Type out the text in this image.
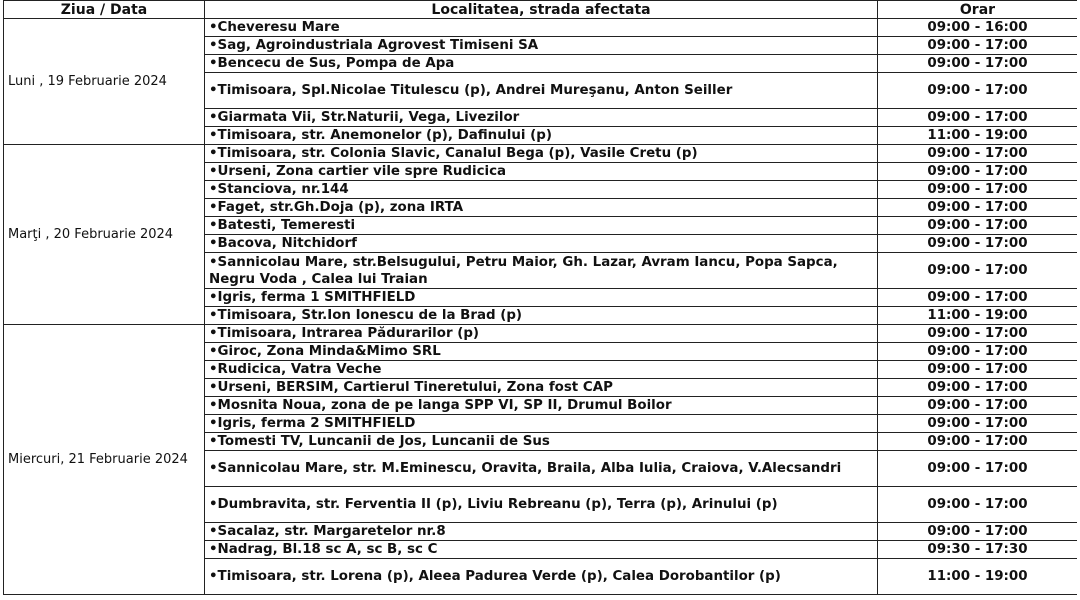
Ziua / Data	Localitatea, strada afectata	Orar
Luni , 19 Februarie 2024	•Cheveresu Mare	09:00 - 16:00
	•Sag, Agroindustriala Agrovest Timiseni SA	09:00 - 17:00
	•Bencecu de Sus, Pompa de Apa	09:00 - 17:00
	•Timisoara, Spl.Nicolae Titulescu (p), Andrei Mureşanu, Anton Seiller	09:00 - 17:00
	•Giarmata Vii, Str.Naturii, Vega, Livezilor	09:00 - 17:00
	•Timisoara, str. Anemonelor (p), Dafinului (p)	11:00 - 19:00
Marţi , 20 Februarie 2024	•Timisoara, str. Colonia Slavic, Canalul Bega (p), Vasile Cretu (p)	09:00 - 17:00
	•Urseni, Zona cartier vile spre Rudicica	09:00 - 17:00
	•Stanciova, nr.144	09:00 - 17:00
	•Faget, str.Gh.Doja (p), zona IRTA	09:00 - 17:00
	•Batesti, Temeresti	09:00 - 17:00
	•Bacova, Nitchidorf	09:00 - 17:00
	•Sannicolau Mare, str.Belsugului, Petru Maior, Gh. Lazar, Avram Iancu, Popa Sapca, Negru Voda , Calea lui Traian	09:00 - 17:00
	•Igris, ferma 1 SMITHFIELD	09:00 - 17:00
	•Timisoara, Str.Ion Ionescu de la Brad (p)	11:00 - 19:00
Miercuri, 21 Februarie 2024	•Timisoara, Intrarea Pădurarilor (p)	09:00 - 17:00
	•Giroc, Zona Minda&Mimo SRL	09:00 - 17:00
	•Rudicica, Vatra Veche	09:00 - 17:00
	•Urseni, BERSIM, Cartierul Tineretului, Zona fost CAP	09:00 - 17:00
	•Mosnita Noua, zona de pe langa SPP VI, SP II, Drumul Boilor	09:00 - 17:00
	•Igris, ferma 2 SMITHFIELD	09:00 - 17:00
	•Tomesti TV, Luncanii de Jos, Luncanii de Sus	09:00 - 17:00
	•Sannicolau Mare, str. M.Eminescu, Oravita, Braila, Alba Iulia, Craiova, V.Alecsandri	09:00 - 17:00
	•Dumbravita, str. Ferventia II (p), Liviu Rebreanu (p), Terra (p), Arinului (p)	09:00 - 17:00
	•Sacalaz, str. Margaretelor nr.8	09:00 - 17:00
	•Nadrag, Bl.18 sc A, sc B, sc C	09:30 - 17:30
	•Timisoara, str. Lorena (p), Aleea Padurea Verde (p), Calea Dorobantilor (p)	11:00 - 19:00
